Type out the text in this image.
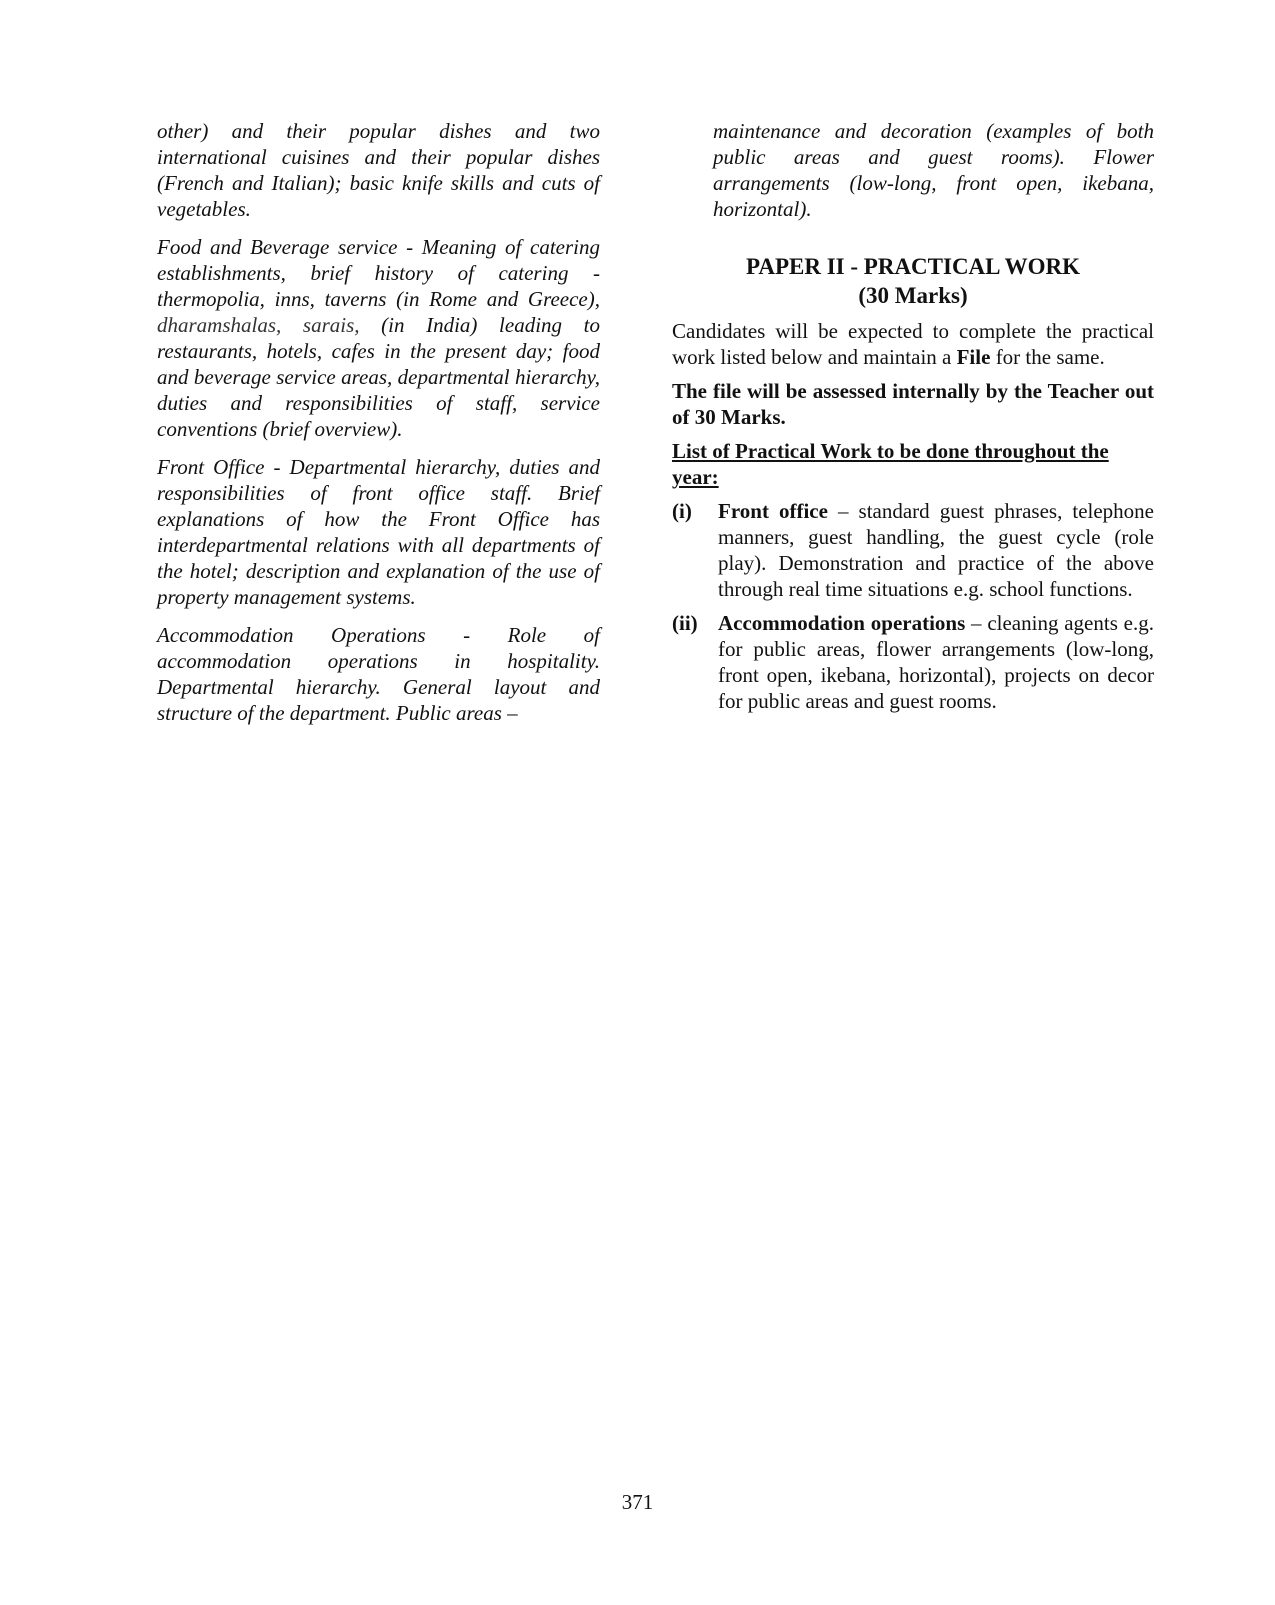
other) and their popular dishes and two international cuisines and their popular dishes (French and Italian); basic knife skills and cuts of vegetables.

Food and Beverage service - Meaning of catering establishments, brief history of catering - thermopolia, inns, taverns (in Rome and Greece), dharamshalas, sarais, (in India) leading to restaurants, hotels, cafes in the present day; food and beverage service areas, departmental hierarchy, duties and responsibilities of staff, service conventions (brief overview).

Front Office - Departmental hierarchy, duties and responsibilities of front office staff. Brief explanations of how the Front Office has interdepartmental relations with all departments of the hotel; description and explanation of the use of property management systems.

Accommodation Operations - Role of accommodation operations in hospitality. Departmental hierarchy. General layout and structure of the department. Public areas –

maintenance and decoration (examples of both public areas and guest rooms). Flower arrangements (low-long, front open, ikebana, horizontal).

PAPER II - PRACTICAL WORK
(30 Marks)

Candidates will be expected to complete the practical work listed below and maintain a File for the same.

The file will be assessed internally by the Teacher out of 30 Marks.

List of Practical Work to be done throughout the year:

(i)	Front office – standard guest phrases, telephone manners, guest handling, the guest cycle (role play). Demonstration and practice of the above through real time situations e.g. school functions.
(ii) Accommodation operations – cleaning agents e.g. for public areas, flower arrangements (low-long, front open, ikebana, horizontal), projects on decor for public areas and guest rooms.
371
